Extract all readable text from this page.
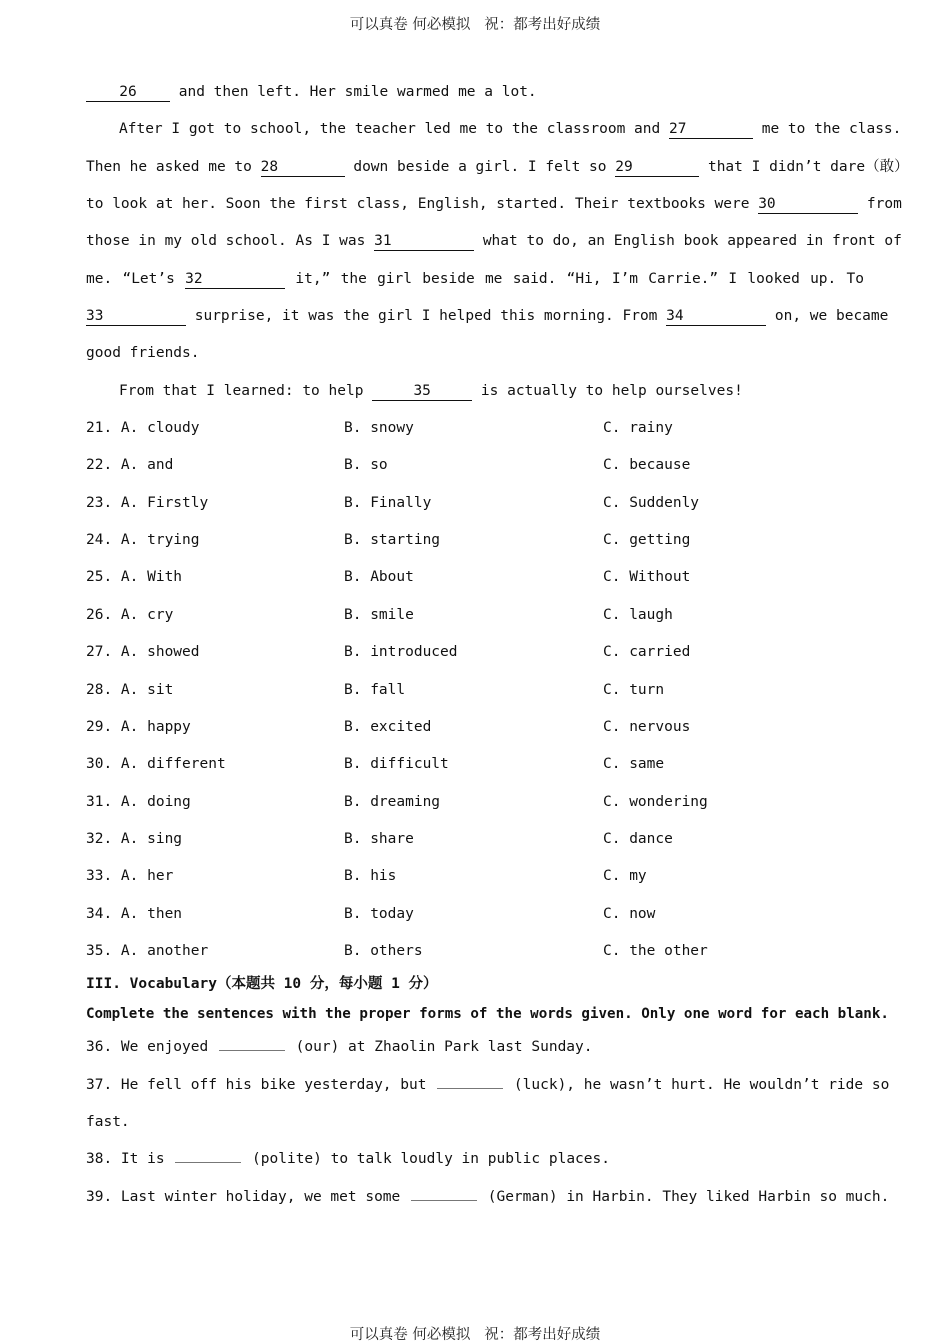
可以真卷 何必模拟   祝：都考出好成绩
26 and then left. Her smile warmed me a lot.
After I got to school, the teacher led me to the classroom and 27	me to the class.
Then he asked me to 28	down beside a girl. I felt so 29	that I didn’t dare（敢）
to look at her. Soon the first class, English, started. Their textbooks were 30	from
those in my old school. As I was 31	what to do, an English book appeared in front of
me. “Let’s 32	it,” the girl beside me said. “Hi, I’m Carrie.” I looked up. To
33	surprise, it was the girl I helped this morning. From 34	on, we became
good friends.
From that I learned: to help	35	is actually to help ourselves!
21. A. cloudy	B. snowy	C. rainy
22. A. and	B. so	C. because
23. A. Firstly	B. Finally	C. Suddenly
24. A. trying	B. starting	C. getting
25. A. With	B. About	C. Without
26. A. cry	B. smile	C. laugh
27. A. showed	B. introduced	C. carried
28. A. sit	B. fall	C. turn
29. A. happy	B. excited	C. nervous
30. A. different	B. difficult	C. same
31. A. doing	B. dreaming	C. wondering
32. A. sing	B. share	C. dance
33. A. her	B. his	C. my
34. A. then	B. today	C. now
35. A. another	B. others	C. the other
III. Vocabulary（本题共 10 分，每小题 1 分）
Complete the sentences with the proper forms of the words given. Only one word for each blank.
36. We enjoyed	(our) at Zhaolin Park last Sunday.
37. He fell off his bike yesterday, but	(luck), he wasn’t hurt. He wouldn’t ride so
fast.
38. It is	(polite) to talk loudly in public places.
39. Last winter holiday, we met some	(German) in Harbin. They liked Harbin so much.
可以真卷 何必模拟   祝：都考出好成绩
